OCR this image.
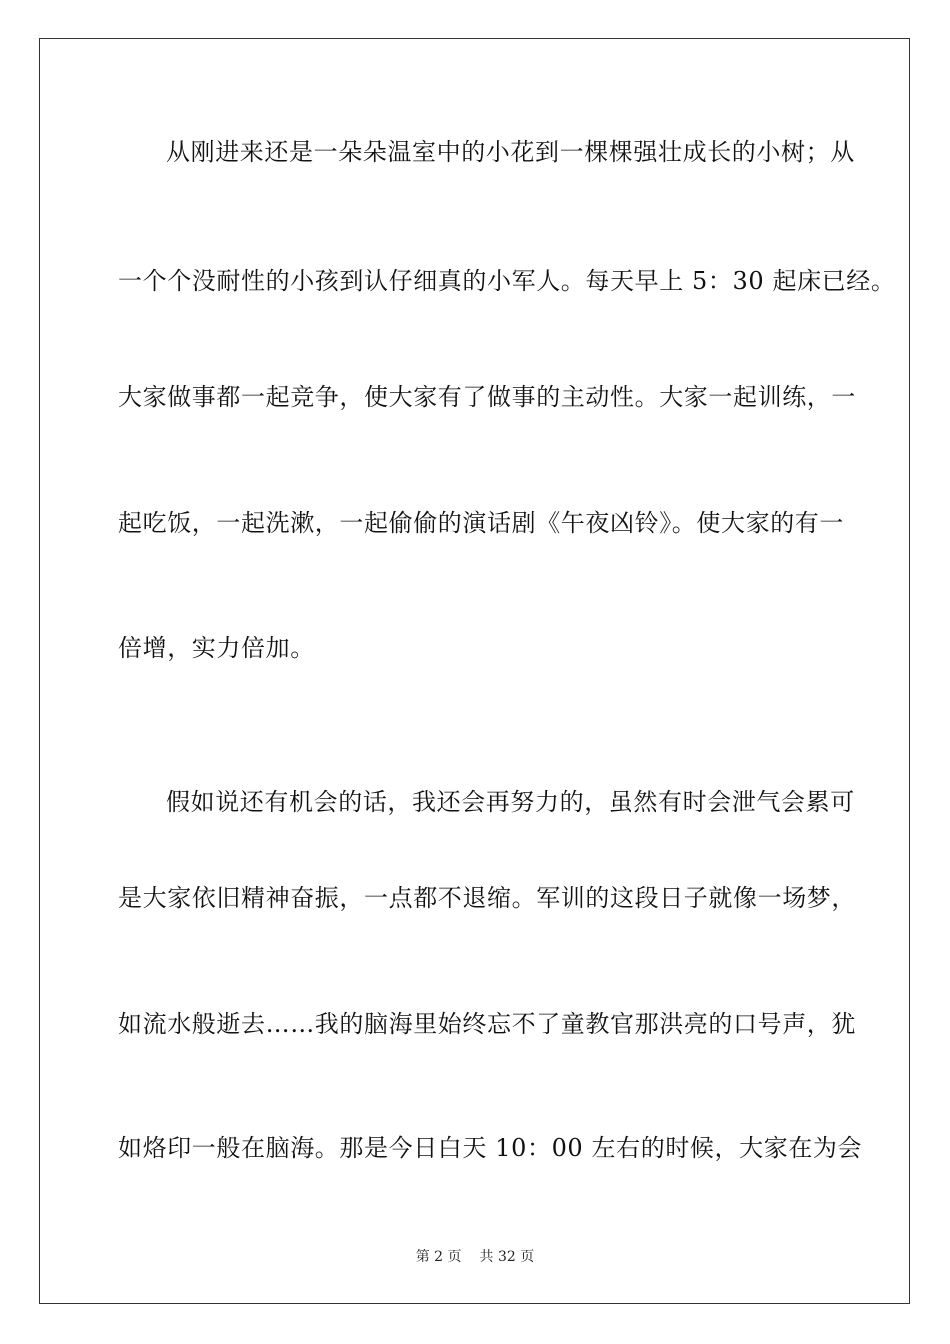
从刚进来还是一朵朵温室中的小花到一棵棵强壮成长的小树；从
一个个没耐性的小孩到认仔细真的小军人。每天早上 5：30 起床已经。
大家做事都一起竞争，使大家有了做事的主动性。大家一起训练，一
起吃饭，一起洗漱，一起偷偷的演话剧《午夜凶铃》。使大家的有一
倍增，实力倍加。
假如说还有机会的话，我还会再努力的，虽然有时会泄气会累可
是大家依旧精神奋振，一点都不退缩。军训的这段日子就像一场梦，
如流水般逝去……我的脑海里始终忘不了童教官那洪亮的口号声，犹
如烙印一般在脑海。那是今日白天 10：00 左右的时候，大家在为会
第 2 页 共 32 页
